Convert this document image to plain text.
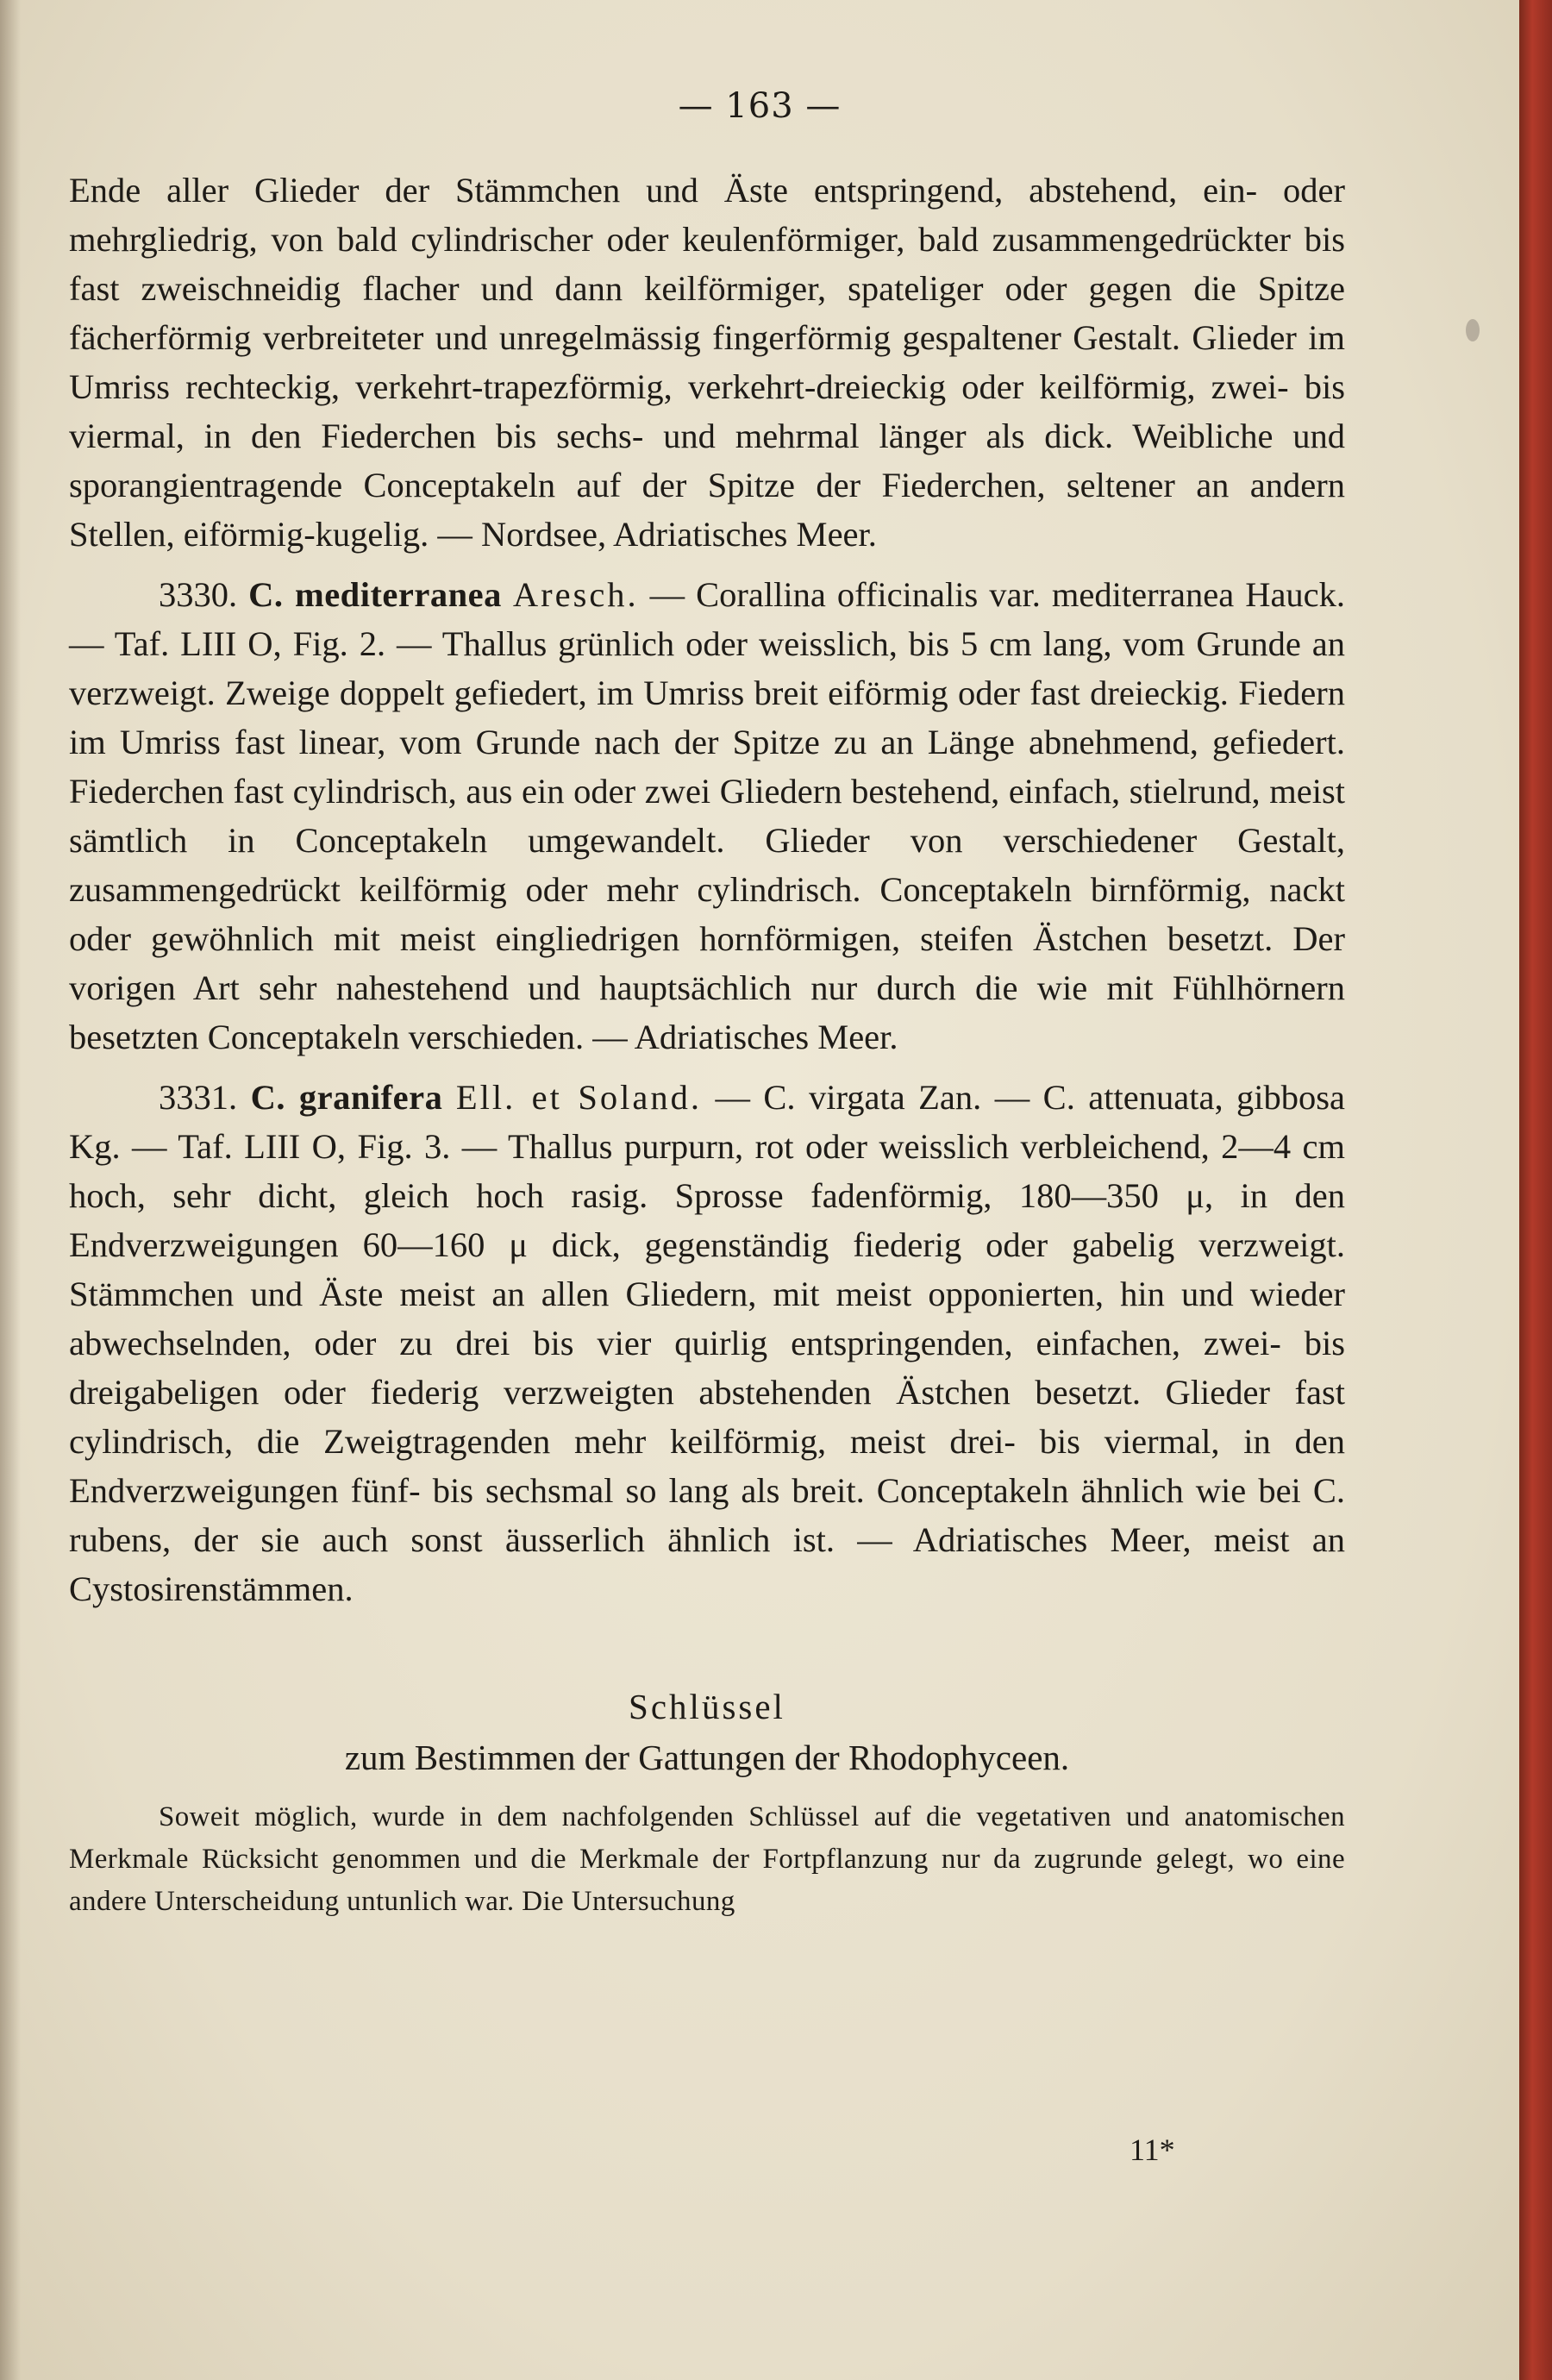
— 163 —

Ende aller Glieder der Stämmchen und Äste entspringend, abstehend, ein- oder mehrgliedrig, von bald cylindrischer oder keulenförmiger, bald zusammengedrückter bis fast zweischneidig flacher und dann keilförmiger, spateliger oder gegen die Spitze fächerförmig verbreiteter und unregelmässig fingerförmig gespaltener Gestalt. Glieder im Umriss rechteckig, verkehrt-trapezförmig, verkehrt-dreieckig oder keilförmig, zwei- bis viermal, in den Fiederchen bis sechs- und mehrmal länger als dick. Weibliche und sporangientragende Conceptakeln auf der Spitze der Fiederchen, seltener an andern Stellen, eiförmig-kugelig. — Nordsee, Adriatisches Meer.

3330. C. mediterranea Aresch. — Corallina officinalis var. mediterranea Hauck. — Taf. LIII O, Fig. 2. — Thallus grünlich oder weisslich, bis 5 cm lang, vom Grunde an verzweigt. Zweige doppelt gefiedert, im Umriss breit eiförmig oder fast dreieckig. Fiedern im Umriss fast linear, vom Grunde nach der Spitze zu an Länge abnehmend, gefiedert. Fiederchen fast cylindrisch, aus ein oder zwei Gliedern bestehend, einfach, stielrund, meist sämtlich in Conceptakeln umgewandelt. Glieder von verschiedener Gestalt, zusammengedrückt keilförmig oder mehr cylindrisch. Conceptakeln birnförmig, nackt oder gewöhnlich mit meist eingliedrigen hornförmigen, steifen Ästchen besetzt. Der vorigen Art sehr nahestehend und hauptsächlich nur durch die wie mit Fühlhörnern besetzten Conceptakeln verschieden. — Adriatisches Meer.

3331. C. granifera Ell. et Soland. — C. virgata Zan. — C. attenuata, gibbosa Kg. — Taf. LIII O, Fig. 3. — Thallus purpurn, rot oder weisslich verbleichend, 2—4 cm hoch, sehr dicht, gleich hoch rasig. Sprosse fadenförmig, 180—350 μ, in den Endverzweigungen 60—160 μ dick, gegenständig fiederig oder gabelig verzweigt. Stämmchen und Äste meist an allen Gliedern, mit meist opponierten, hin und wieder abwechselnden, oder zu drei bis vier quirlig entspringenden, einfachen, zwei- bis dreigabeligen oder fiederig verzweigten abstehenden Ästchen besetzt. Glieder fast cylindrisch, die Zweigtragenden mehr keilförmig, meist drei- bis viermal, in den Endverzweigungen fünf- bis sechsmal so lang als breit. Conceptakeln ähnlich wie bei C. rubens, der sie auch sonst äusserlich ähnlich ist. — Adriatisches Meer, meist an Cystosirenstämmen.

Schlüssel
zum Bestimmen der Gattungen der Rhodophyceen.

Soweit möglich, wurde in dem nachfolgenden Schlüssel auf die vegetativen und anatomischen Merkmale Rücksicht genommen und die Merkmale der Fortpflanzung nur da zugrunde gelegt, wo eine andere Unterscheidung untunlich war. Die Untersuchung

11*
